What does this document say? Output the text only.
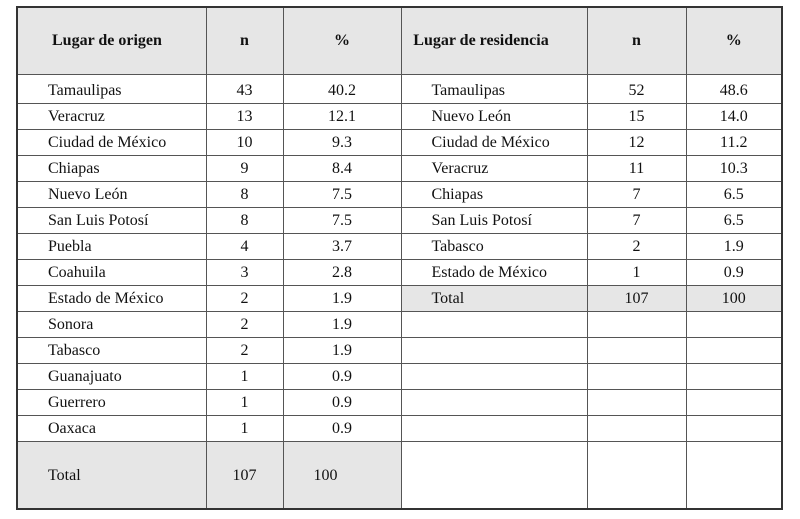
Lugar de origen	n	%	Lugar de residencia	n	%
Tamaulipas	43	40.2	Tamaulipas	52	48.6
Veracruz	13	12.1	Nuevo León	15	14.0
Ciudad de México	10	9.3	Ciudad de México	12	11.2
Chiapas	9	8.4	Veracruz	11	10.3
Nuevo León	8	7.5	Chiapas	7	6.5
San Luis Potosí	8	7.5	San Luis Potosí	7	6.5
Puebla	4	3.7	Tabasco	2	1.9
Coahuila	3	2.8	Estado de México	1	0.9
Estado de México	2	1.9	Total	107	100
Sonora	2	1.9			
Tabasco	2	1.9			
Guanajuato	1	0.9			
Guerrero	1	0.9			
Oaxaca	1	0.9			
Total	107	100			
